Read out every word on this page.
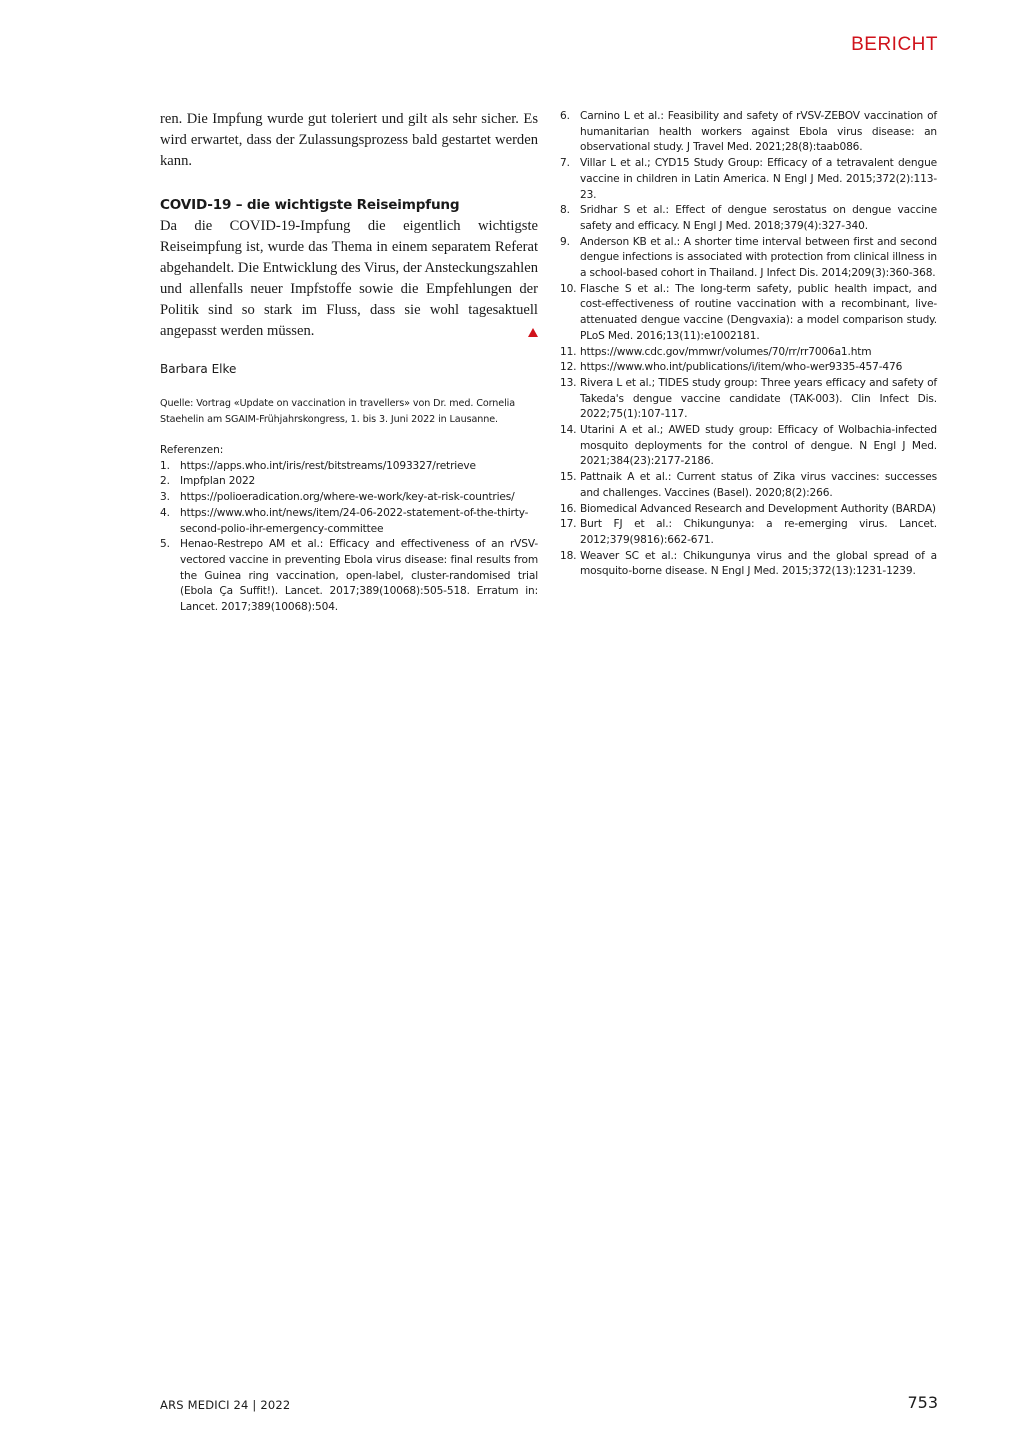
BERICHT

ren. Die Impfung wurde gut toleriert und gilt als sehr sicher. Es wird erwartet, dass der Zulassungsprozess bald gestartet werden kann.

COVID-19 – die wichtigste Reiseimpfung

Da die COVID-19-Impfung die eigentlich wichtigste Reiseimpfung ist, wurde das Thema in einem separatem Referat abgehandelt. Die Entwicklung des Virus, der Ansteckungszahlen und allenfalls neuer Impfstoffe sowie die Empfehlungen der Politik sind so stark im Fluss, dass sie wohl tagesaktuell angepasst werden müssen.

Barbara Elke

Quelle: Vortrag «Update on vaccination in travellers» von Dr. med. Cornelia Staehelin am SGAIM-Frühjahrskongress, 1. bis 3. Juni 2022 in Lausanne.

Referenzen:

1. https://apps.who.int/iris/rest/bitstreams/1093327/retrieve
2. Impfplan 2022
3. https://polioeradication.org/where-we-work/key-at-risk-countries/
4. https://www.who.int/news/item/24-06-2022-statement-of-the-thirty-second-polio-ihr-emergency-committee
5. Henao-Restrepo AM et al.: Efficacy and effectiveness of an rVSV-vectored vaccine in preventing Ebola virus disease: final results from the Guinea ring vaccination, open-label, cluster-randomised trial (Ebola Ça Suffit!). Lancet. 2017;389(10068):505-518. Erratum in: Lancet. 2017;389(10068):504.
6. Carnino L et al.: Feasibility and safety of rVSV-ZEBOV vaccination of humanitarian health workers against Ebola virus disease: an observational study. J Travel Med. 2021;28(8):taab086.
7. Villar L et al.; CYD15 Study Group: Efficacy of a tetravalent dengue vaccine in children in Latin America. N Engl J Med. 2015;372(2):113-23.
8. Sridhar S et al.: Effect of dengue serostatus on dengue vaccine safety and efficacy. N Engl J Med. 2018;379(4):327-340.
9. Anderson KB et al.: A shorter time interval between first and second dengue infections is associated with protection from clinical illness in a school-based cohort in Thailand. J Infect Dis. 2014;209(3):360-368.
10. Flasche S et al.: The long-term safety, public health impact, and cost-effectiveness of routine vaccination with a recombinant, live-attenuated dengue vaccine (Dengvaxia): a model comparison study. PLoS Med. 2016;13(11):e1002181.
11. https://www.cdc.gov/mmwr/volumes/70/rr/rr7006a1.htm
12. https://www.who.int/publications/i/item/who-wer9335-457-476
13. Rivera L et al.; TIDES study group: Three years efficacy and safety of Takeda's dengue vaccine candidate (TAK-003). Clin Infect Dis. 2022;75(1):107-117.
14. Utarini A et al.; AWED study group: Efficacy of Wolbachia-infected mosquito deployments for the control of dengue. N Engl J Med. 2021;384(23):2177-2186.
15. Pattnaik A et al.: Current status of Zika virus vaccines: successes and challenges. Vaccines (Basel). 2020;8(2):266.
16. Biomedical Advanced Research and Development Authority (BARDA)
17. Burt FJ et al.: Chikungunya: a re-emerging virus. Lancet. 2012;379(9816):662-671.
18. Weaver SC et al.: Chikungunya virus and the global spread of a mosquito-borne disease. N Engl J Med. 2015;372(13):1231-1239.
ARS MEDICI 24 | 2022	753
